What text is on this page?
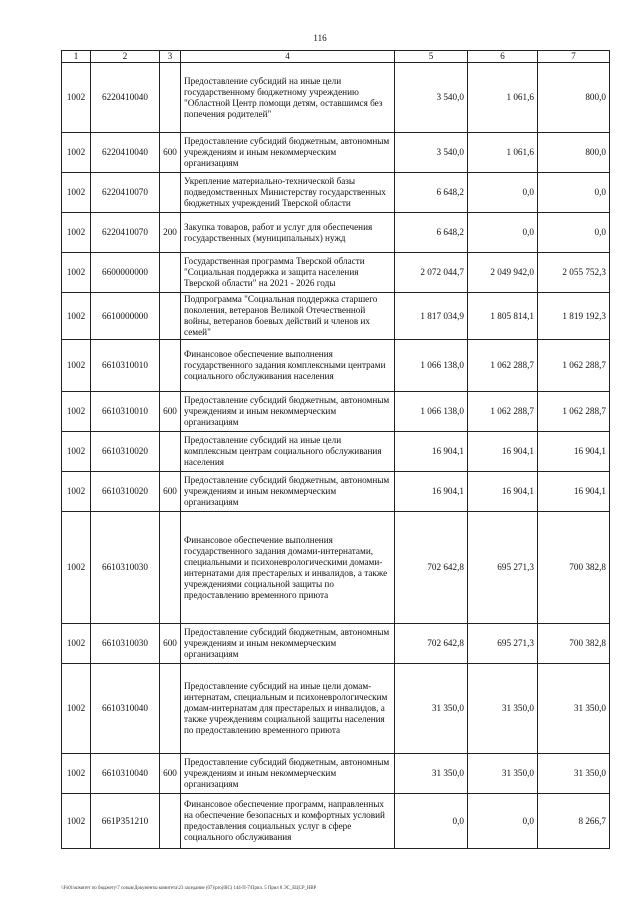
116
1	2	3	4	5	6	7
1002	6220410040		Предоставление субсидий на иные цели государственному бюджетному учреждению "Областной Центр помощи детям, оставшимся без попечения родителей"	3 540,0	1 061,6	800,0
1002	6220410040	600	Предоставление субсидий бюджетным, автономным учреждениям и иным некоммерческим организациям	3 540,0	1 061,6	800,0
1002	6220410070		Укрепление материально-технической базы подведомственных Министерству государственных бюджетных учреждений Тверской области	6 648,2	0,0	0,0
1002	6220410070	200	Закупка товаров, работ и услуг для обеспечения государственных (муниципальных) нужд	6 648,2	0,0	0,0
1002	6600000000		Государственная программа Тверской области "Социальная поддержка и защита населения Тверской области" на 2021 - 2026 годы	2 072 044,7	2 049 942,0	2 055 752,3
1002	6610000000		Подпрограмма "Социальная поддержка старшего поколения, ветеранов Великой Отечественной войны, ветеранов боевых действий и членов их семей"	1 817 034,9	1 805 814,1	1 819 192,3
1002	6610310010		Финансовое обеспечение выполнения государственного задания комплексными центрами социального обслуживания населения	1 066 138,0	1 062 288,7	1 062 288,7
1002	6610310010	600	Предоставление субсидий бюджетным, автономным учреждениям и иным некоммерческим организациям	1 066 138,0	1 062 288,7	1 062 288,7
1002	6610310020		Предоставление субсидий на иные цели комплексным центрам социального обслуживания населения	16 904,1	16 904,1	16 904,1
1002	6610310020	600	Предоставление субсидий бюджетным, автономным учреждениям и иным некоммерческим организациям	16 904,1	16 904,1	16 904,1
1002	6610310030		Финансовое обеспечение выполнения государственного задания домами-интернатами, специальными и психоневрологическими домами-интернатами для престарелых и инвалидов, а также учреждениями социальной защиты по предоставлению временного приюта	702 642,8	695 271,3	700 382,8
1002	6610310030	600	Предоставление субсидий бюджетным, автономным учреждениям и иным некоммерческим организациям	702 642,8	695 271,3	700 382,8
1002	6610310040		Предоставление субсидий на иные цели домам-интернатам, специальным и психоневрологическим домам-интернатам для престарелых и инвалидов, а также учреждениям социальной защиты населения по предоставлению временного приюта	31 350,0	31 350,0	31 350,0
1002	6610310040	600	Предоставление субсидий бюджетным, автономным учреждениям и иным некоммерческим организациям	31 350,0	31 350,0	31 350,0
1002	661P351210		Финансовое обеспечение программ, направленных на обеспечение безопасных и комфортных условий предоставления социальных услуг в сфере социального обслуживания	0,0	0,0	8 266,7
\\Fs01\комитет по бюджету\7 созыв\Документы комитета\23 заседание (07)\proj\RC) 144-П-7\Прил. 5 Прил 8 ЭС_ЕЦСР_НВР
